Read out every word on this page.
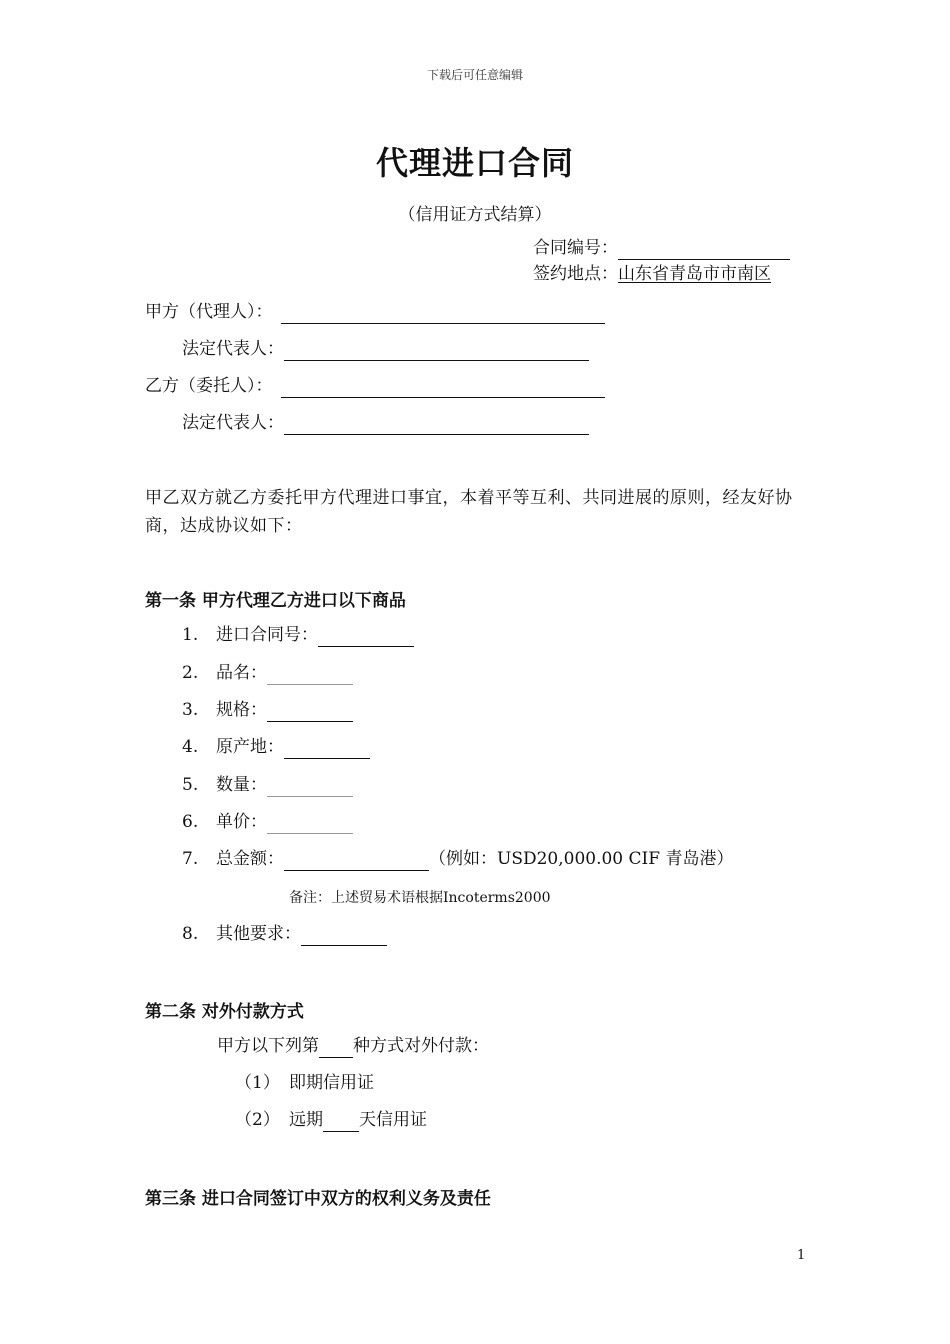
下载后可任意编辑
代理进口合同
（信用证方式结算）
合同编号：
签约地点：山东省青岛市市南区
甲方（代理人）：
法定代表人：
乙方（委托人）：
法定代表人：
甲乙双方就乙方委托甲方代理进口事宜，本着平等互利、共同进展的原则，经友好协商，达成协议如下：
第一条 甲方代理乙方进口以下商品
1. 进口合同号：
2. 品名：
3. 规格：
4. 原产地：
5. 数量：
6. 单价：
7. 总金额：	（例如：USD20,000.00 CIF 青岛港）
备注：上述贸易术语根据Incoterms2000
8. 其他要求：
第二条 对外付款方式
甲方以下列第 种方式对外付款：
（1） 即期信用证
（2） 远期 天信用证
第三条 进口合同签订中双方的权利义务及责任
1
